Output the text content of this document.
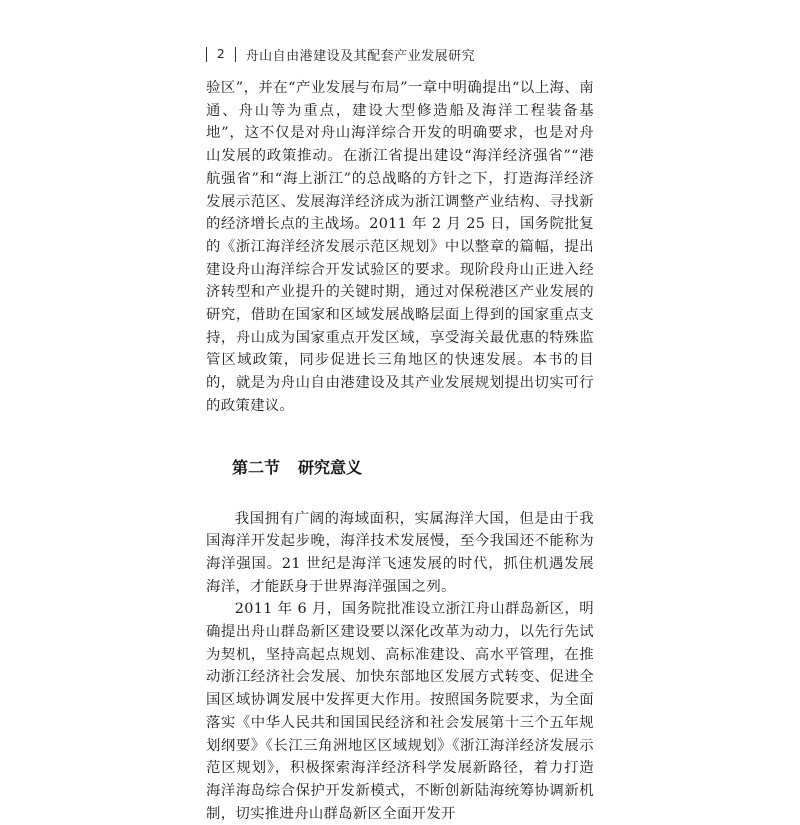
2 舟山自由港建设及其配套产业发展研究

验区”，并在“产业发展与布局”一章中明确提出“以上海、南通、舟山等为重点，建设大型修造船及海洋工程装备基地”，这不仅是对舟山海洋综合开发的明确要求，也是对舟山发展的政策推动。在浙江省提出建设“海洋经济强省”“港航强省”和“海上浙江”的总战略的方针之下，打造海洋经济发展示范区、发展海洋经济成为浙江调整产业结构、寻找新的经济增长点的主战场。2011 年 2 月 25 日，国务院批复的《浙江海洋经济发展示范区规划》中以整章的篇幅，提出建设舟山海洋综合开发试验区的要求。现阶段舟山正进入经济转型和产业提升的关键时期，通过对保税港区产业发展的研究，借助在国家和区域发展战略层面上得到的国家重点支持，舟山成为国家重点开发区域，享受海关最优惠的特殊监管区域政策，同步促进长三角地区的快速发展。本书的目的，就是为舟山自由港建设及其产业发展规划提出切实可行的政策建议。

第二节 研究意义

我国拥有广阔的海域面积，实属海洋大国，但是由于我国海洋开发起步晚，海洋技术发展慢，至今我国还不能称为海洋强国。21 世纪是海洋飞速发展的时代，抓住机遇发展海洋，才能跃身于世界海洋强国之列。

2011 年 6 月，国务院批准设立浙江舟山群岛新区，明确提出舟山群岛新区建设要以深化改革为动力，以先行先试为契机，坚持高起点规划、高标准建设、高水平管理，在推动浙江经济社会发展、加快东部地区发展方式转变、促进全国区域协调发展中发挥更大作用。按照国务院要求，为全面落实《中华人民共和国国民经济和社会发展第十三个五年规划纲要》《长江三角洲地区区域规划》《浙江海洋经济发展示范区规划》，积极探索海洋经济科学发展新路径，着力打造海洋海岛综合保护开发新模式，不断创新陆海统筹协调新机制，切实推进舟山群岛新区全面开发开
